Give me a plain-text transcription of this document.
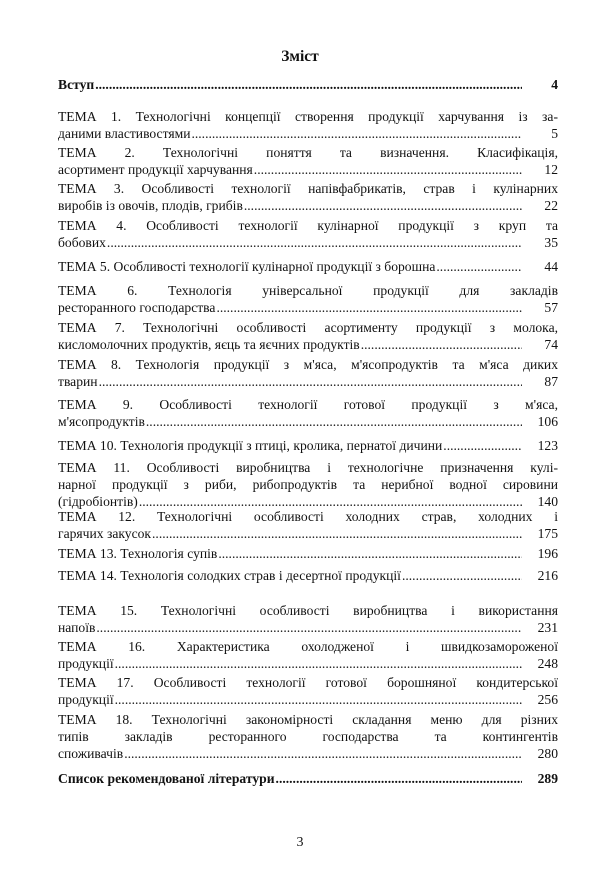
Зміст
Вступ .....	4
ТЕМА 1. Технологічні концепції створення продукції харчування із за-
даними властивостями .....	5
ТЕМА 2. Технологічні поняття та визначення. Класифікація,
асортимент продукції харчування .....	12
ТЕМА 3. Особливості технології напівфабрикатів, страв і кулінарних
виробів із овочів, плодів, грибів .....	22
ТЕМА 4. Особливості технології кулінарної продукції з круп та
бобових .....	35
ТЕМА 5. Особливості технології кулінарної продукції з борошна .....	44
ТЕМА 6. Технологія універсальної продукції для закладів
ресторанного господарства .....	57
ТЕМА 7. Технологічні особливості асортименту продукції з молока,
кисломолочних продуктів, яєць та яєчних продуктів .....	74
ТЕМА 8. Технологія продукції з м'яса, м'ясопродуктів та м'яса диких
тварин .....	87
ТЕМА 9. Особливості технології готової продукції з м'яса,
м'ясопродуктів .....	106
ТЕМА 10. Технологія продукції з птиці, кролика, пернатої дичини .....	123
ТЕМА 11. Особливості виробництва і технологічне призначення кулі-
нарної продукції з риби, рибопродуктів та нерибної водної сировини
(гідробіонтів) .....	140
ТЕМА 12. Технологічні особливості холодних страв, холодних і
гарячих закусок .....	175
ТЕМА 13. Технологія супів .....	196
ТЕМА 14. Технологія солодких страв і десертної продукції .....	216
ТЕМА 15. Технологічні особливості виробництва і використання
напоїв .....	231
ТЕМА 16. Характеристика охолодженої і швидкозамороженої
продукції .....	248
ТЕМА 17. Особливості технології готової борошняної кондитерської
продукції .....	256
ТЕМА 18. Технологічні закономірності складання меню для різних
типів закладів ресторанного господарства та контингентів
споживачів .....	280
Список рекомендованої літератури .....	289
3
